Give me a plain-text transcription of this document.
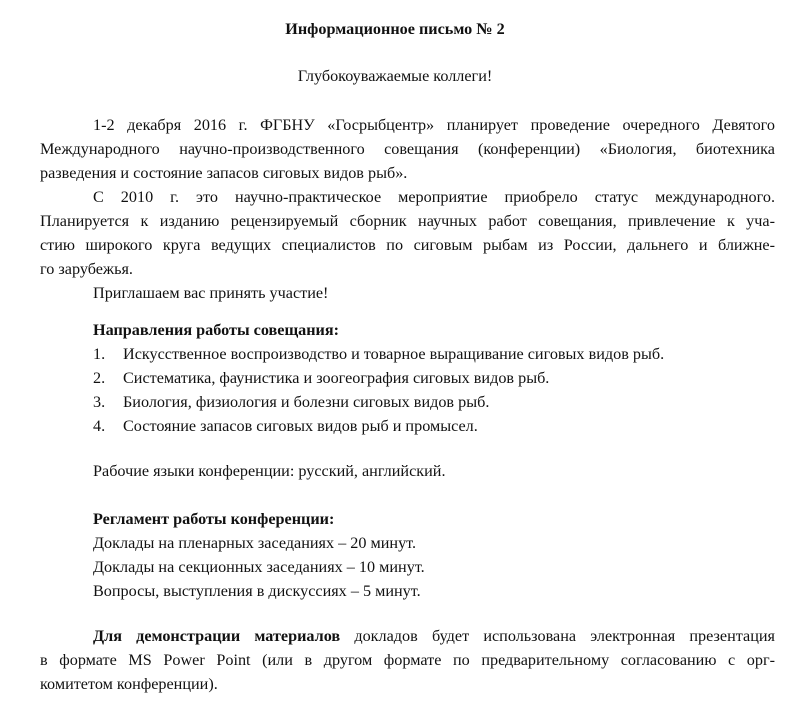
Информационное письмо № 2
Глубокоуважаемые коллеги!
1-2 декабря 2016 г. ФГБНУ «Госрыбцентр» планирует проведение очередного Девятого
Международного научно-производственного совещания (конференции) «Биология, биотехника
разведения и состояние запасов сиговых видов рыб».
С 2010 г. это научно-практическое мероприятие приобрело статус международного.
Планируется к изданию рецензируемый сборник научных работ совещания, привлечение к уча-
стию широкого круга ведущих специалистов по сиговым рыбам из России, дальнего и ближне-
го зарубежья.
Приглашаем вас принять участие!
Направления работы совещания:
1. Искусственное воспроизводство и товарное выращивание сиговых видов рыб.
2. Систематика, фаунистика и зоогеография сиговых видов рыб.
3. Биология, физиология и болезни сиговых видов рыб.
4. Состояние запасов сиговых видов рыб и промысел.
Рабочие языки конференции: русский, английский.
Регламент работы конференции:
Доклады на пленарных заседаниях – 20 минут.
Доклады на секционных заседаниях – 10 минут.
Вопросы, выступления в дискуссиях – 5 минут.
Для демонстрации материалов докладов будет использована электронная презентация
в формате MS Power Point (или в другом формате по предварительному согласованию с орг-
комитетом конференции).
